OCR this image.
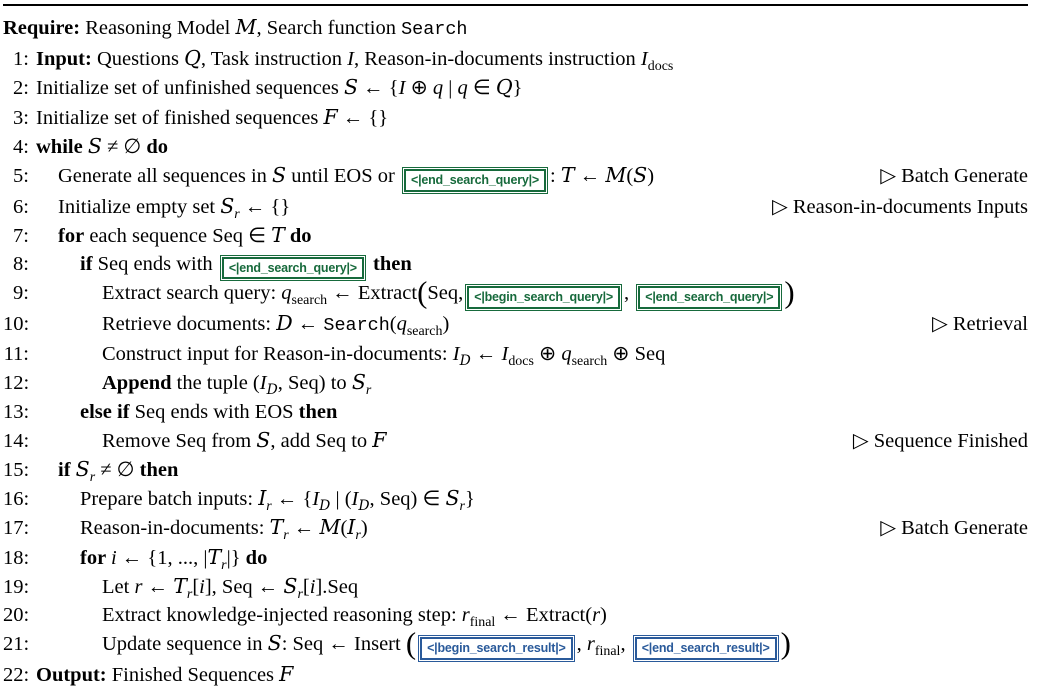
Require: Reasoning Model M, Search function Search
1: Input: Questions Q, Task instruction I, Reason-in-documents instruction $I_{docs}$
2: Initialize set of unfinished sequences S ← {I ⊕ q | q ∈ Q}
3: Initialize set of finished sequences F ← {}
4: while S ≠ ∅ do
5:	Generate all sequences in S until EOS or <|end_search_query|> : T ← M(S)	▷ Batch Generate
6:	Initialize empty set $S_r$ ← {}	▷ Reason-in-documents Inputs
7:	for each sequence Seq ∈ T do
8:	if Seq ends with <|end_search_query|> then
9:	Extract search query: $q_{search}$ ← Extract(Seq, <|begin_search_query|> , <|end_search_query|> )
10:	Retrieve documents: D ← $Search(q_{search})$	▷ Retrieval
11:	Construct input for Reason-in-documents: $I_D$ ← $I_{docs}$ ⊕ $q_{search}$ ⊕ Seq
12:	Append the tuple ($I_D$, Seq) to $S_r$
13:	else if Seq ends with EOS then
14:	Remove Seq from S, add Seq to F	▷ Sequence Finished
15:	if $S_r$ ≠ ∅ then
16:	Prepare batch inputs: $I_r$ ← {$I_D$ | ($I_D$, Seq) ∈ $S_r$}
17:	Reason-in-documents: $T_r$ ← $M(I_r)$	▷ Batch Generate
18:	for i ← {1, ..., $|T_r|$} do
19:	Let r ← $T_r[i]$, Seq ← $S_r[i].Seq$
20:	Extract knowledge-injected reasoning step: $r_{final}$ ← Extract(r)
21:	Update sequence in S: Seq ← Insert ( <|begin_search_result|> , $r_{final}$, <|end_search_result|> )
22: Output: Finished Sequences F
